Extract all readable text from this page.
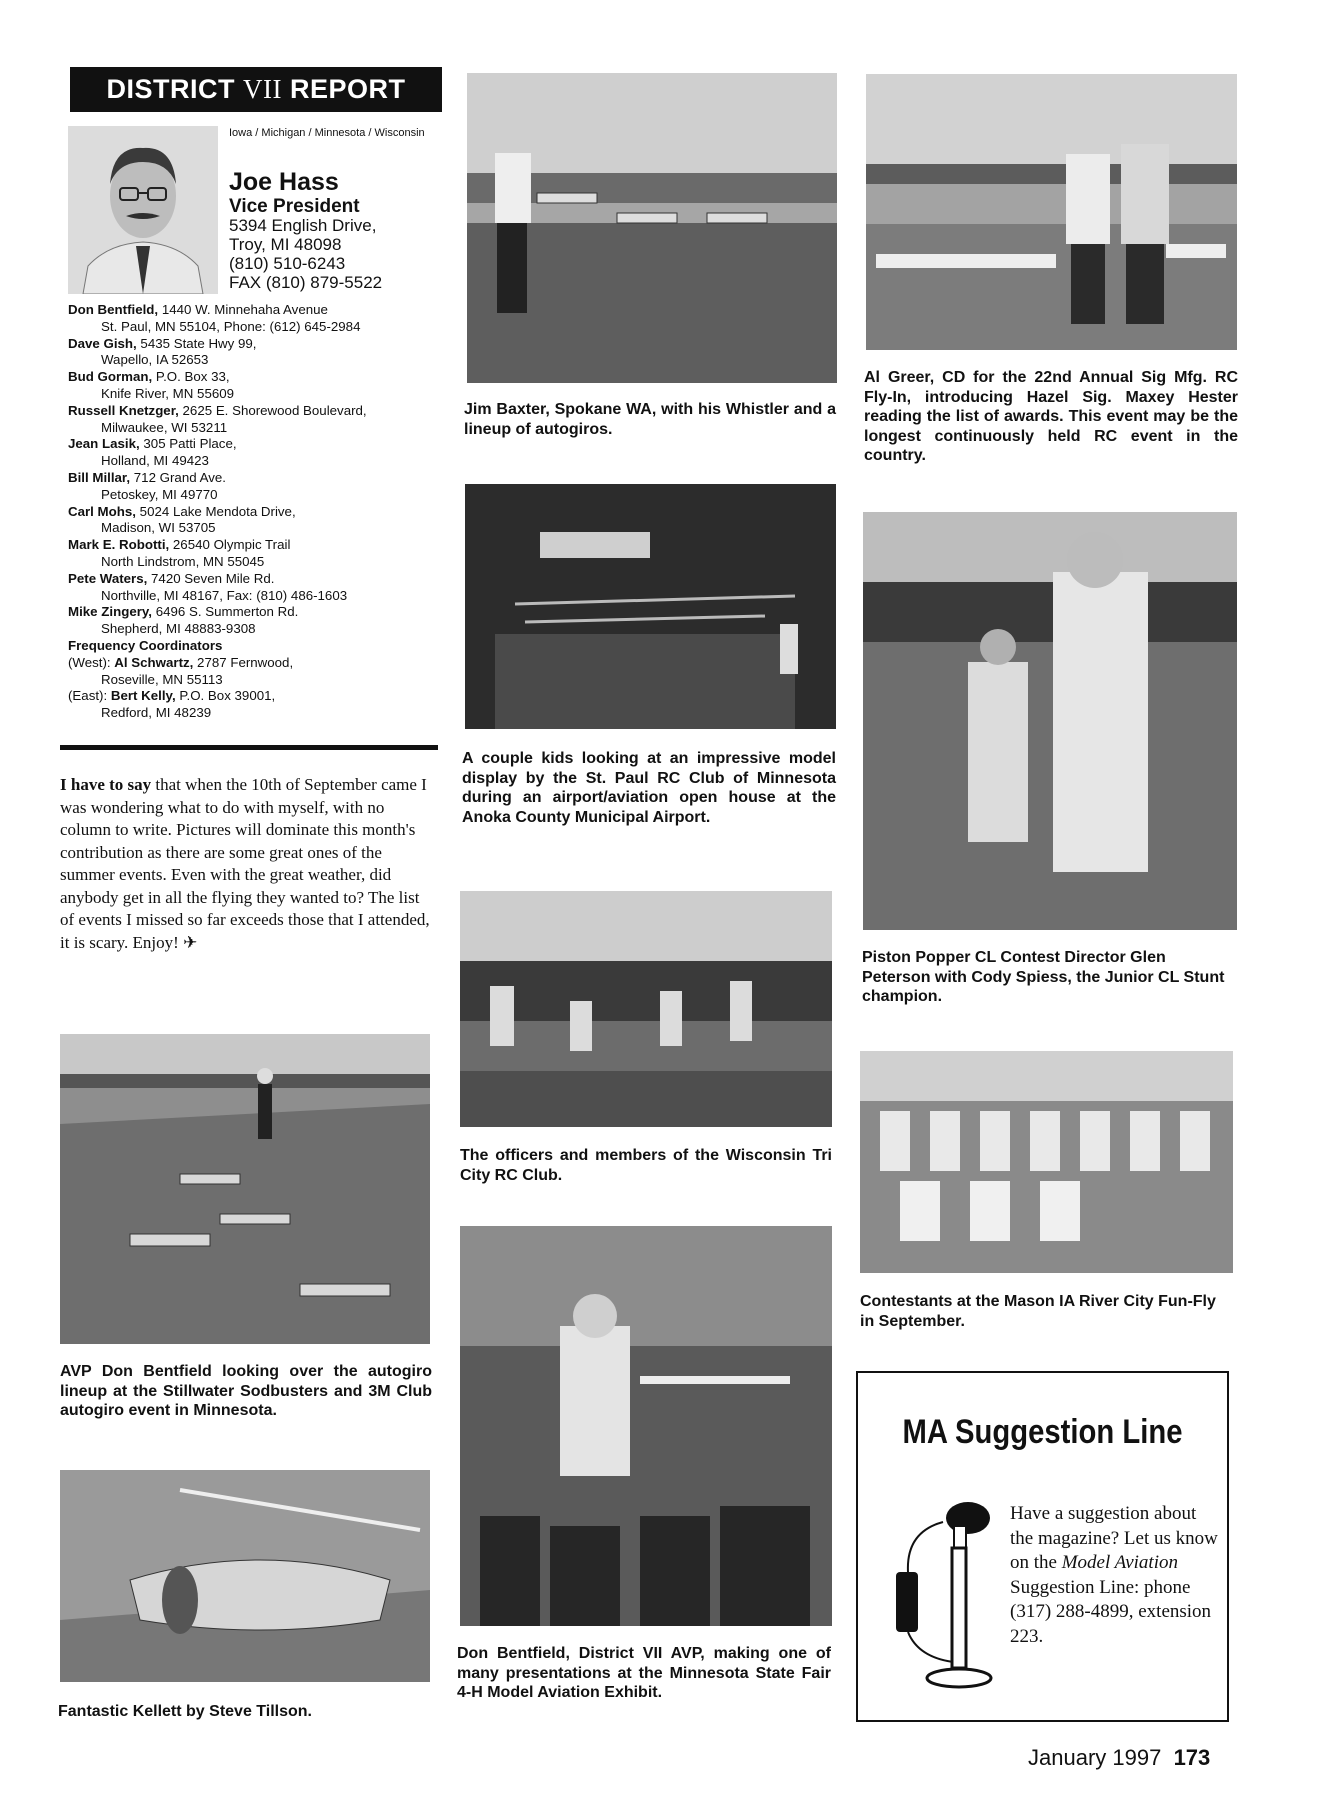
DISTRICT VII REPORT
Iowa / Michigan / Minnesota / Wisconsin
Joe Hass
Vice President
5394 English Drive,
Troy, MI 48098
(810) 510-6243
FAX (810) 879-5522
Don Bentfield, 1440 W. Minnehaha Avenue
St. Paul, MN 55104, Phone: (612) 645-2984
Dave Gish, 5435 State Hwy 99,
Wapello, IA 52653
Bud Gorman, P.O. Box 33,
Knife River, MN 55609
Russell Knetzger, 2625 E. Shorewood Boulevard,
Milwaukee, WI 53211
Jean Lasik, 305 Patti Place,
Holland, MI 49423
Bill Millar, 712 Grand Ave.
Petoskey, MI 49770
Carl Mohs, 5024 Lake Mendota Drive,
Madison, WI 53705
Mark E. Robotti, 26540 Olympic Trail
North Lindstrom, MN 55045
Pete Waters, 7420 Seven Mile Rd.
Northville, MI 48167, Fax: (810) 486-1603
Mike Zingery, 6496 S. Summerton Rd.
Shepherd, MI 48883-9308
Frequency Coordinators
(West): Al Schwartz, 2787 Fernwood,
Roseville, MN 55113
(East): Bert Kelly, P.O. Box 39001,
Redford, MI 48239
I have to say that when the 10th of September came I was wondering what to do with myself, with no column to write. Pictures will dominate this month's contribution as there are some great ones of the summer events. Even with the great weather, did anybody get in all the flying they wanted to? The list of events I missed so far exceeds those that I attended, it is scary. Enjoy! ✈
AVP Don Bentfield looking over the autogiro lineup at the Stillwater Sodbusters and 3M Club autogiro event in Minnesota.
Fantastic Kellett by Steve Tillson.
Jim Baxter, Spokane WA, with his Whistler and a lineup of autogiros.
A couple kids looking at an impressive model display by the St. Paul RC Club of Minnesota during an airport/aviation open house at the Anoka County Municipal Airport.
The officers and members of the Wisconsin Tri City RC Club.
Don Bentfield, District VII AVP, making one of many presentations at the Minnesota State Fair 4-H Model Aviation Exhibit.
Al Greer, CD for the 22nd Annual Sig Mfg. RC Fly-In, introducing Hazel Sig. Maxey Hester reading the list of awards. This event may be the longest continuously held RC event in the country.
Piston Popper CL Contest Director Glen Peterson with Cody Spiess, the Junior CL Stunt champion.
Contestants at the Mason IA River City Fun-Fly in September.
MA Suggestion Line
Have a suggestion about the magazine? Let us know on the Model Aviation Suggestion Line: phone (317) 288-4899, extension 223.
January 1997 173
